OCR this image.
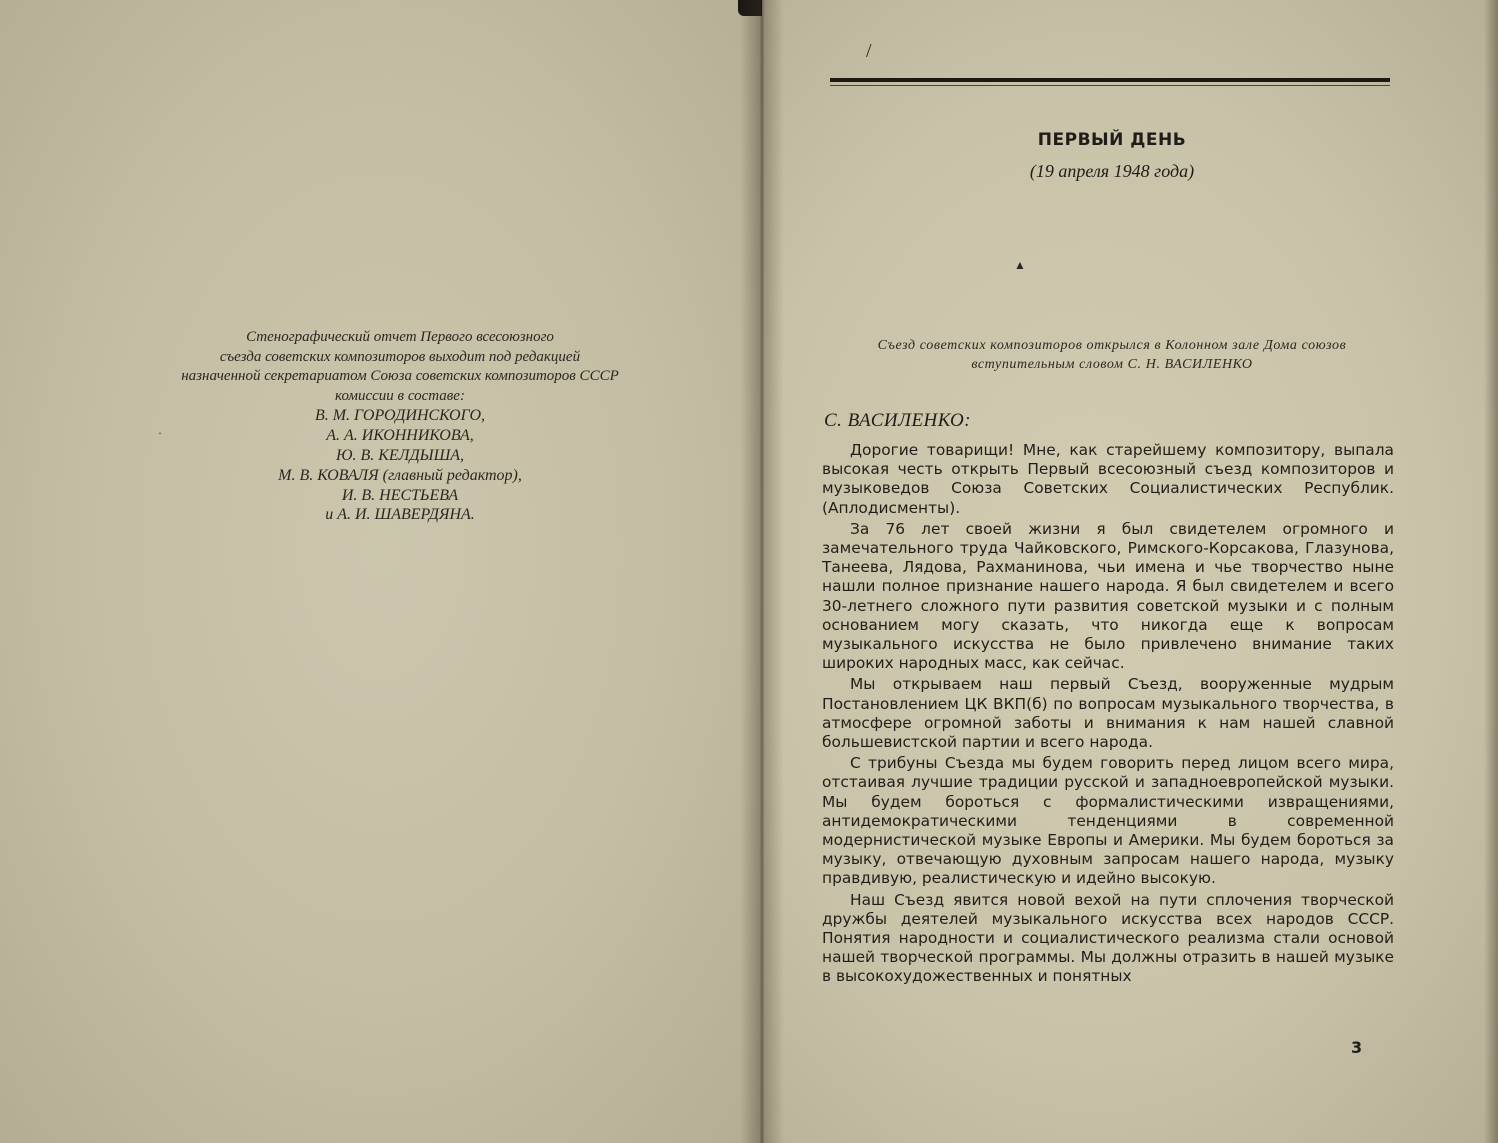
Стенографический отчет Первого всесоюзного

съезда советских композиторов выходит под редакцией

назначенной секретариатом Союза советских композиторов СССР

комиссии в составе:

В. М. ГОРОДИНСКОГО,

А. А. ИКОННИКОВА,

Ю. В. КЕЛДЫША,

М. В. КОВАЛЯ (главный редактор),

И. В. НЕСТЬЕВА

и А. И. ШАВЕРДЯНА.

·
/
ПЕРВЫЙ ДЕНЬ
(19 апреля 1948 года)
▲

Съезд советских композиторов открылся в Колонном зале Дома союзов

вступительным словом С. Н. ВАСИЛЕНКО

С. ВАСИЛЕНКО:

Дорогие товарищи! Мне, как старейшему композитору, выпала высокая честь открыть Первый всесоюзный съезд композиторов и музыковедов Союза Советских Социалистических Республик. (Аплодисменты).

За 76 лет своей жизни я был свидетелем огромного и замечательного труда Чайковского, Римского-Корсакова, Глазунова, Танеева, Лядова, Рахманинова, чьи имена и чье творчество ныне нашли полное признание нашего народа. Я был свидетелем и всего 30-летнего сложного пути развития советской музыки и с полным основанием могу сказать, что никогда еще к вопросам музыкального искусства не было привлечено внимание таких широких народных масс, как сейчас.

Мы открываем наш первый Съезд, вооруженные мудрым Постановлением ЦК ВКП(б) по вопросам музыкального творчества, в атмосфере огромной заботы и внимания к нам нашей славной большевистской партии и всего народа.

С трибуны Съезда мы будем говорить перед лицом всего мира, отстаивая лучшие традиции русской и западноевропейской музыки. Мы будем бороться с формалистическими извращениями, антидемократическими тенденциями в современной модернистической музыке Европы и Америки. Мы будем бороться за музыку, отвечающую духовным запросам нашего народа, музыку правдивую, реалистическую и идейно высокую.

Наш Съезд явится новой вехой на пути сплочения творческой дружбы деятелей музыкального искусства всех народов СССР. Понятия народности и социалистического реализма стали основой нашей творческой программы. Мы должны отразить в нашей музыке в высокохудожественных и понятных

3
